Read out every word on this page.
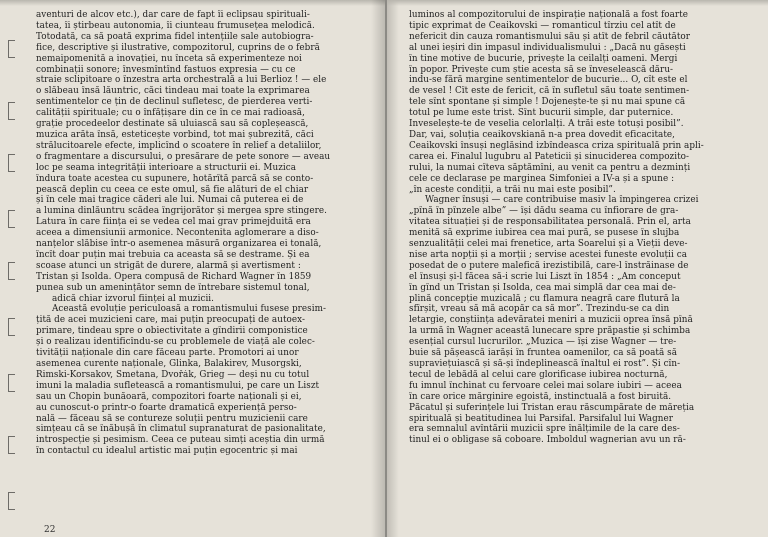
aventuri de alcov etc.), dar care de fapt îi eclipsau spirituali-
tatea, îi știrbeau autonomia, îi ciunteau frumusețea melodică.
Totodată, ca să poată exprima fidel intențiile sale autobiogra-
fice, descriptive și ilustrative, compozitorul, cuprins de o febră
nemaipomenită a inovației, nu înceta să experimenteze noi
combinații sonore; învesmîntînd fastuos expresia — cu ce
straie sclipitoare o înzestra arta orchestrală a lui Berlioz ! — ele
o slăbeau însă lăuntric, căci tindeau mai toate la exprimarea
sentimentelor ce țin de declinul sufletesc, de pierderea verti-
calității spirituale; cu o înfățișare din ce în ce mai radioasă,
grație procedeelor destinate să uluiască sau să copleșească,
muzica arăta însă, esteticește vorbind, tot mai șubrezită, căci
strălucitoarele efecte, implicînd o scoatere în relief a detaliilor,
o fragmentare a discursului, o presărare de pete sonore — aveau
loc pe seama integrității interioare a structurii ei. Muzica
îndura toate acestea cu supunere, hotărîtă parcă să se conto-
pească deplin cu ceea ce este omul, să fie alături de el chiar
și în cele mai tragice căderi ale lui. Numai că puterea ei de
a lumina dinlăuntru scădea îngrijorător și mergea spre stingere.
Latura în care ființa ei se vedea cel mai grav primejduită era
aceea a dimensiunii armonice. Necontenita aglomerare a diso-
nanțelor slăbise într-o asemenea măsură organizarea ei tonală,
încît doar puțin mai trebuia ca aceasta să se destrame. Și ea
scoase atunci un strigăt de durere, alarmă și avertisment :
Tristan și Isolda. Opera compusă de Richard Wagner în 1859
punea sub un amenințător semn de întrebare sistemul tonal,
adică chiar izvorul ființei al muzicii.
Această evoluție periculoasă a romantismului fusese presim-
țită de acei muzicieni care, mai puțin preocupați de autoex-
primare, tindeau spre o obiectivitate a gîndirii componistice
și o realizau identificîndu-se cu problemele de viață ale colec-
tivității naționale din care făceau parte. Promotori ai unor
asemenea curente naționale, Glinka, Balakirev, Musorgski,
Rimski-Korsakov, Smetana, Dvořák, Grieg — deși nu cu totul
imuni la maladia sufletească a romantismului, pe care un Liszt
sau un Chopin bunăoară, compozitori foarte naționali și ei,
au cunoscut-o printr-o foarte dramatică experiență perso-
nală — făceau să se contureze soluții pentru muzicienii care
simțeau că se înăbușă în climatul supranaturat de pasionalitate,
introspecție și pesimism. Ceea ce puteau simți aceștia din urmă
în contactul cu idealul artistic mai puțin egocentric și mai
22
luminos al compozitorului de inspirație națională a fost foarte
tipic exprimat de Ceaikovski — romanticul tîrziu cel atît de
nefericit din cauza romantismului său și atît de febril căutător
al unei ieșiri din impasul individualismului : „Dacă nu găsești
în tine motive de bucurie, privește la ceilalți oameni. Mergi
în popor. Privește cum știe acesta să se înveselească dăru-
indu-se fără margine sentimentelor de bucurie... O, cît este el
de vesel ! Cît este de fericit, că în sufletul său toate sentimen-
tele sînt spontane și simple ! Dojenește-te și nu mai spune că
totul pe lume este trist. Sînt bucurii simple, dar puternice.
Înveselește-te de veselia celorlalți. A trăi este totuși posibil”.
Dar, vai, soluția ceaikovskiană n-a prea dovedit eficacitate,
Ceaikovski însuși neglăsind izbîndeasca criza spirituală prin apli-
carea ei. Finalul lugubru al Pateticii și sinuciderea compozito-
rului, la numai cîteva săptămîni, au venit ca pentru a dezminți
cele ce declarase pe marginea Simfoniei a IV-a și a spune :
„în aceste condiții, a trăi nu mai este posibil”.
Wagner însuși — care contribuise masiv la împingerea crizei
„pînă în pînzele albe” — își dădu seama cu înfiorare de gra-
vitatea situației și de responsabilitatea personală. Prin el, arta
menită să exprime iubirea cea mai pură, se pusese în slujba
senzualității celei mai frenetice, arta Soarelui și a Vieții deve-
nise arta nopții și a morții ; servise acestei funeste evoluții ca
posedat de o putere malefică irezistibilă, care-l înstrăinase de
el însuși și-l făcea să-i scrie lui Liszt în 1854 : „Am conceput
în gînd un Tristan și Isolda, cea mai simplă dar cea mai de-
plină concepție muzicală ; cu flamura neagră care flutură la
sfîrșit, vreau să mă acopăr ca să mor”. Trezindu-se ca din
letargie, conștiința adevăratei meniri a muzicii oprea însă pînă
la urmă în Wagner această lunecare spre prăpastie și schimba
esențial cursul lucrurilor. „Muzica — își zise Wagner — tre-
buie să pășească iarăși în fruntea oamenilor, ca să poată să
supraviețuiască și să-și îndeplinească înaltul ei rost”. Și cîn-
tecul de lebădă al celui care glorificase iubirea nocturnă,
fu imnul închinat cu fervoare celei mai solare iubiri — aceea
în care orice mărginire egoistă, instinctuală a fost biruită.
Păcatul și suferințele lui Tristan erau răscumpărate de măreția
spirituală și beatitudinea lui Parsifal. Parsifalul lui Wagner
era semnalul avîntării muzicii spre înălțimile de la care des-
tinul ei o obligase să coboare. Imboldul wagnerian avu un ră-
